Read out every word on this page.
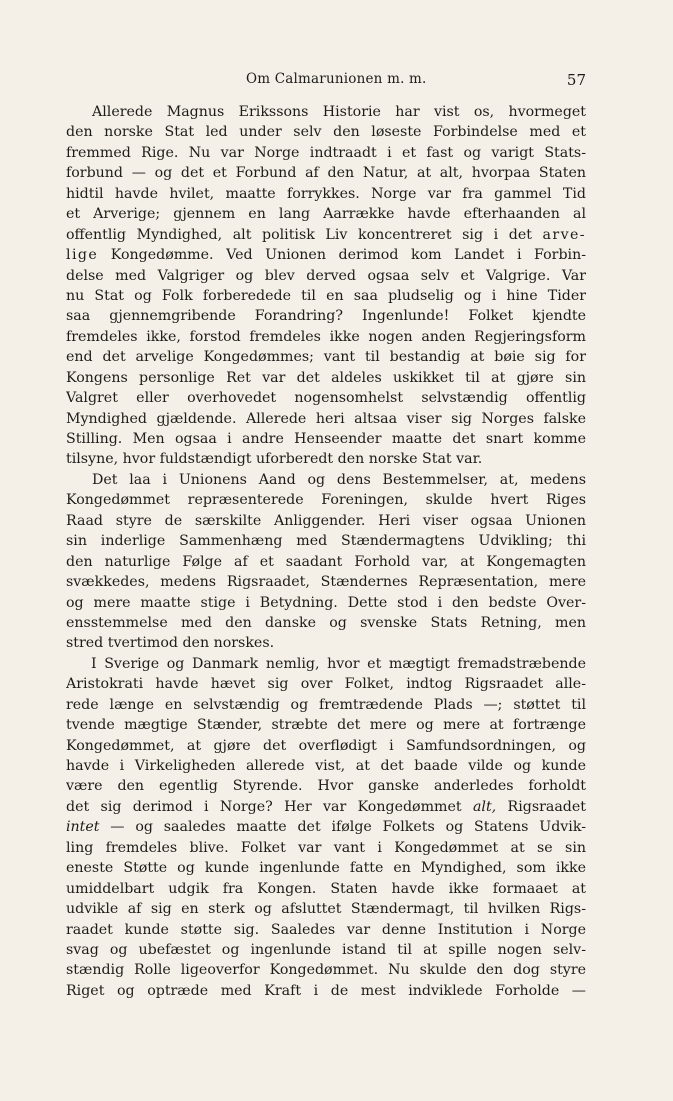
Om Calmarunionen m. m.	57
Allerede Magnus Erikssons Historie har vist os, hvormeget
den norske Stat led under selv den løseste Forbindelse med et
fremmed Rige. Nu var Norge indtraadt i et fast og varigt Stats-
forbund — og det et Forbund af den Natur, at alt, hvorpaa Staten
hidtil havde hvilet, maatte forrykkes. Norge var fra gammel Tid
et Arverige; gjennem en lang Aarrække havde efterhaanden al
offentlig Myndighed, alt politisk Liv koncentreret sig i det arve-
lige Kongedømme. Ved Unionen derimod kom Landet i Forbin-
delse med Valgriger og blev derved ogsaa selv et Valgrige. Var
nu Stat og Folk forberedede til en saa pludselig og i hine Tider
saa gjennemgribende Forandring? Ingenlunde! Folket kjendte
fremdeles ikke, forstod fremdeles ikke nogen anden Regjeringsform
end det arvelige Kongedømmes; vant til bestandig at bøie sig for
Kongens personlige Ret var det aldeles uskikket til at gjøre sin
Valgret eller overhovedet nogensomhelst selvstændig offentlig
Myndighed gjældende. Allerede heri altsaa viser sig Norges falske
Stilling. Men ogsaa i andre Henseender maatte det snart komme
tilsyne, hvor fuldstændigt uforberedt den norske Stat var.
Det laa i Unionens Aand og dens Bestemmelser, at, medens
Kongedømmet repræsenterede Foreningen, skulde hvert Riges
Raad styre de særskilte Anliggender. Heri viser ogsaa Unionen
sin inderlige Sammenhæng med Stændermagtens Udvikling; thi
den naturlige Følge af et saadant Forhold var, at Kongemagten
svækkedes, medens Rigsraadet, Stændernes Repræsentation, mere
og mere maatte stige i Betydning. Dette stod i den bedste Over-
ensstemmelse med den danske og svenske Stats Retning, men
stred tvertimod den norskes.
I Sverige og Danmark nemlig, hvor et mægtigt fremadstræbende
Aristokrati havde hævet sig over Folket, indtog Rigsraadet alle-
rede længe en selvstændig og fremtrædende Plads —; støttet til
tvende mægtige Stænder, stræbte det mere og mere at fortrænge
Kongedømmet, at gjøre det overflødigt i Samfundsordningen, og
havde i Virkeligheden allerede vist, at det baade vilde og kunde
være den egentlig Styrende. Hvor ganske anderledes forholdt
det sig derimod i Norge? Her var Kongedømmet alt, Rigsraadet
intet — og saaledes maatte det ifølge Folkets og Statens Udvik-
ling fremdeles blive. Folket var vant i Kongedømmet at se sin
eneste Støtte og kunde ingenlunde fatte en Myndighed, som ikke
umiddelbart udgik fra Kongen. Staten havde ikke formaaet at
udvikle af sig en sterk og afsluttet Stændermagt, til hvilken Rigs-
raadet kunde støtte sig. Saaledes var denne Institution i Norge
svag og ubefæstet og ingenlunde istand til at spille nogen selv-
stændig Rolle ligeoverfor Kongedømmet. Nu skulde den dog styre
Riget og optræde med Kraft i de mest indviklede Forholde —
